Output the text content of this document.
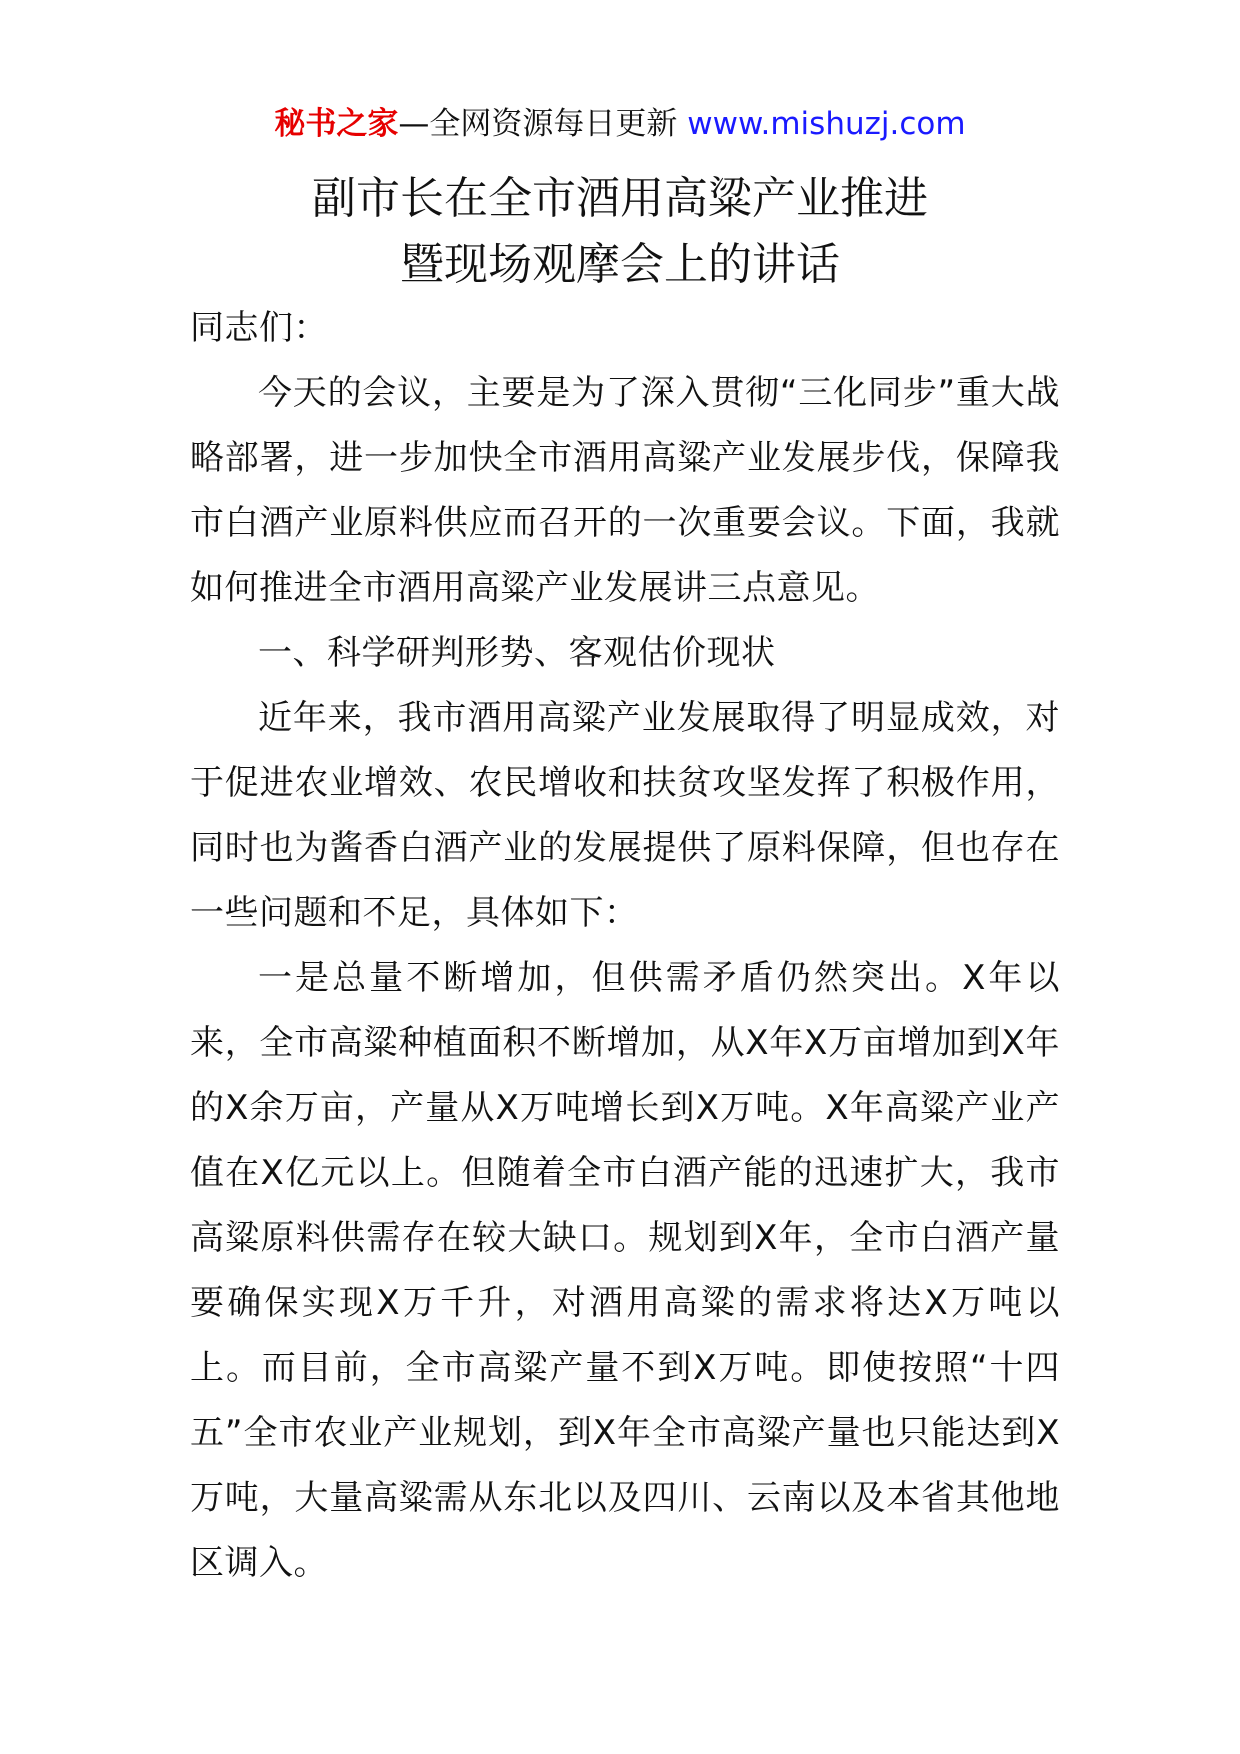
秘书之家—全网资源每日更新 www.mishuzj.com
副市长在全市酒用高粱产业推进
暨现场观摩会上的讲话

同志们：

今天的会议，主要是为了深入贯彻“三化同步”重大战略部署，进一步加快全市酒用高粱产业发展步伐，保障我市白酒产业原料供应而召开的一次重要会议。下面，我就如何推进全市酒用高粱产业发展讲三点意见。

一、科学研判形势、客观估价现状

近年来，我市酒用高粱产业发展取得了明显成效，对于促进农业增效、农民增收和扶贫攻坚发挥了积极作用，同时也为酱香白酒产业的发展提供了原料保障，但也存在一些问题和不足，具体如下：

一是总量不断增加，但供需矛盾仍然突出。X年以来，全市高粱种植面积不断增加，从X年X万亩增加到X年的X余万亩，产量从X万吨增长到X万吨。X年高粱产业产值在X亿元以上。但随着全市白酒产能的迅速扩大，我市高粱原料供需存在较大缺口。规划到X年，全市白酒产量要确保实现X万千升，对酒用高粱的需求将达X万吨以上。而目前，全市高粱产量不到X万吨。即使按照“十四五”全市农业产业规划，到X年全市高粱产量也只能达到X万吨，大量高粱需从东北以及四川、云南以及本省其他地区调入。
